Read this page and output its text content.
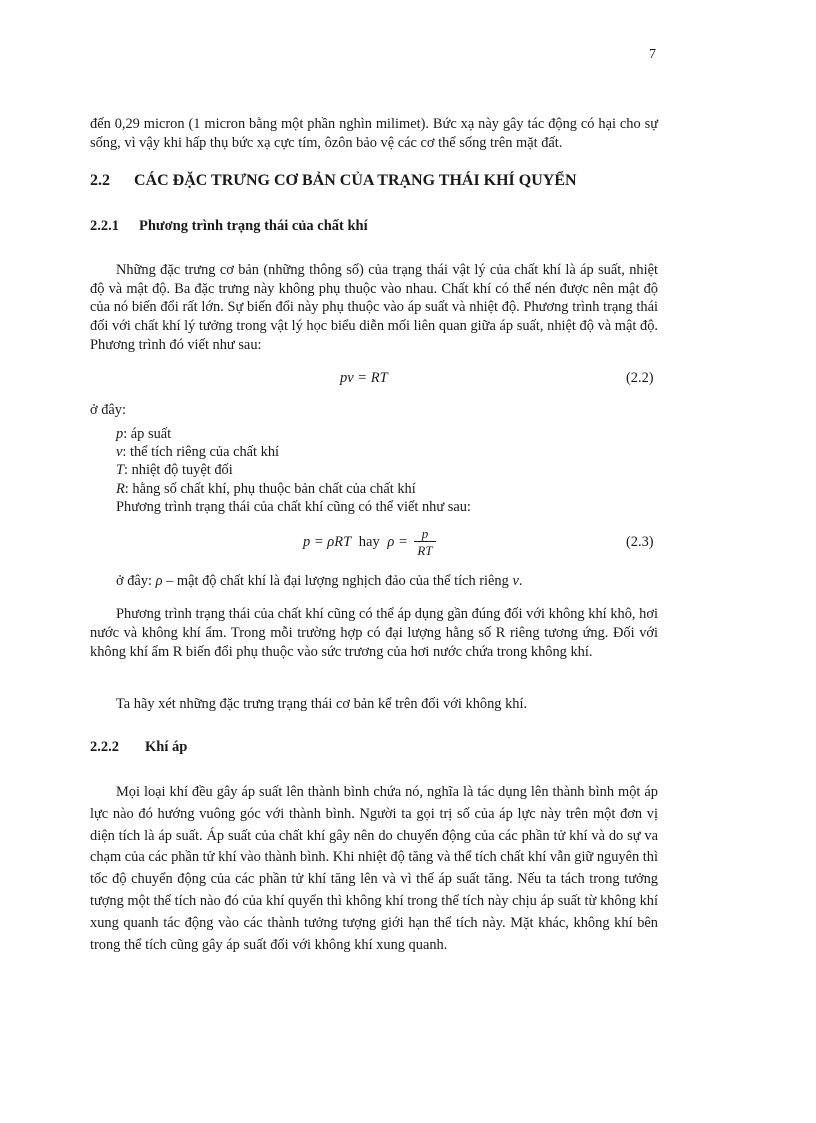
7

đến 0,29 micron (1 micron bằng một phần nghìn milimet). Bức xạ này gây tác động có hại cho sự sống, vì vậy khi hấp thụ bức xạ cực tím, ôzôn bảo vệ các cơ thể sống trên mặt đất.

2.2 CÁC ĐẶC TRƯNG CƠ BẢN CỦA TRẠNG THÁI KHÍ QUYỂN
2.2.1 Phương trình trạng thái của chất khí

Những đặc trưng cơ bản (những thông số) của trạng thái vật lý của chất khí là áp suất, nhiệt độ và mật độ. Ba đặc trưng này không phụ thuộc vào nhau. Chất khí có thể nén được nên mật độ của nó biến đổi rất lớn. Sự biến đổi này phụ thuộc vào áp suất và nhiệt độ. Phương trình trạng thái đối với chất khí lý tưởng trong vật lý học biểu diễn mối liên quan giữa áp suất, nhiệt độ và mật độ. Phương trình đó viết như sau:

pv = RT	(2.2)
ở đây:
p: áp suất
v: thể tích riêng của chất khí
T: nhiệt độ tuyệt đối
R: hằng số chất khí, phụ thuộc bản chất của chất khí
Phương trình trạng thái của chất khí cũng có thể viết như sau:
p = ρRT hay $\rho = \frac{p}{RT}$	(2.3)
ở đây: ρ – mật độ chất khí là đại lượng nghịch đảo của thể tích riêng v.

Phương trình trạng thái của chất khí cũng có thể áp dụng gần đúng đối với không khí khô, hơi nước và không khí ẩm. Trong mỗi trường hợp có đại lượng hằng số R riêng tương ứng. Đối với không khí ẩm R biến đổi phụ thuộc vào sức trương của hơi nước chứa trong không khí.

Ta hãy xét những đặc trưng trạng thái cơ bản kể trên đối với không khí.

2.2.2 Khí áp

Mọi loại khí đều gây áp suất lên thành bình chứa nó, nghĩa là tác dụng lên thành bình một áp lực nào đó hướng vuông góc với thành bình. Người ta gọi trị số của áp lực này trên một đơn vị diện tích là áp suất. Áp suất của chất khí gây nên do chuyển động của các phần tử khí và do sự va chạm của các phần tử khí vào thành bình. Khi nhiệt độ tăng và thể tích chất khí vẫn giữ nguyên thì tốc độ chuyển động của các phần tử khí tăng lên và vì thế áp suất tăng. Nếu ta tách trong tưởng tượng một thể tích nào đó của khí quyển thì không khí trong thể tích này chịu áp suất từ không khí xung quanh tác động vào các thành tưởng tượng giới hạn thể tích này. Mặt khác, không khí bên trong thể tích cũng gây áp suất đối với không khí xung quanh.
